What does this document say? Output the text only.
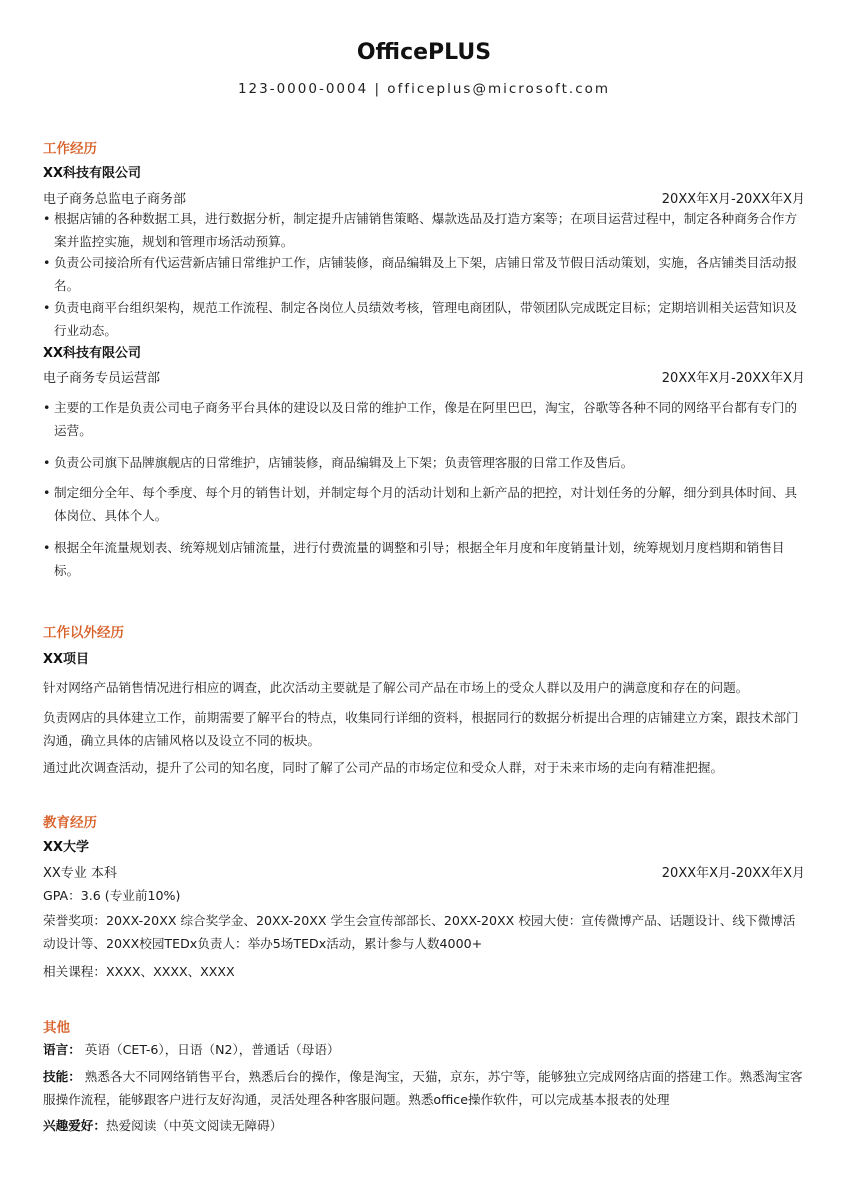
OfficePLUS
123-0000-0004 | officeplus@microsoft.com
工作经历
XX科技有限公司
电子商务总监电子商务部	20XX年X月-20XX年X月
• 根据店铺的各种数据工具，进行数据分析，制定提升店铺销售策略、爆款选品及打造方案等；在项目运营过程中，制定各种商务合作方案并监控实施，规划和管理市场活动预算。
• 负责公司接洽所有代运营新店铺日常维护工作，店铺装修，商品编辑及上下架，店铺日常及节假日活动策划，实施，各店铺类目活动报名。
• 负责电商平台组织架构，规范工作流程、制定各岗位人员绩效考核，管理电商团队，带领团队完成既定目标；定期培训相关运营知识及行业动态。
XX科技有限公司
电子商务专员运营部	20XX年X月-20XX年X月
• 主要的工作是负责公司电子商务平台具体的建设以及日常的维护工作，像是在阿里巴巴，淘宝，谷歌等各种不同的网络平台都有专门的运营。
• 负责公司旗下品牌旗舰店的日常维护，店铺装修，商品编辑及上下架；负责管理客服的日常工作及售后。
• 制定细分全年、每个季度、每个月的销售计划，并制定每个月的活动计划和上新产品的把控，对计划任务的分解，细分到具体时间、具体岗位、具体个人。
• 根据全年流量规划表、统筹规划店铺流量，进行付费流量的调整和引导；根据全年月度和年度销量计划，统筹规划月度档期和销售目标。
工作以外经历
XX项目
针对网络产品销售情况进行相应的调查，此次活动主要就是了解公司产品在市场上的受众人群以及用户的满意度和存在的问题。
负责网店的具体建立工作，前期需要了解平台的特点，收集同行详细的资料，根据同行的数据分析提出合理的店铺建立方案，跟技术部门沟通，确立具体的店铺风格以及设立不同的板块。
通过此次调查活动，提升了公司的知名度，同时了解了公司产品的市场定位和受众人群，对于未来市场的走向有精准把握。
教育经历
XX大学
XX专业 本科	20XX年X月-20XX年X月
GPA：3.6 (专业前10%)
荣誉奖项：20XX-20XX 综合奖学金、20XX-20XX 学生会宣传部部长、20XX-20XX 校园大使：宣传微博产品、话题设计、线下微博活动设计等、20XX校园TEDx负责人：举办5场TEDx活动，累计参与人数4000+
相关课程：XXXX、XXXX、XXXX
其他
语言： 英语（CET-6），日语（N2），普通话（母语）
技能： 熟悉各大不同网络销售平台，熟悉后台的操作，像是淘宝，天猫，京东，苏宁等，能够独立完成网络店面的搭建工作。熟悉淘宝客服操作流程，能够跟客户进行友好沟通，灵活处理各种客服问题。熟悉office操作软件，可以完成基本报表的处理
兴趣爱好：热爱阅读（中英文阅读无障碍）
